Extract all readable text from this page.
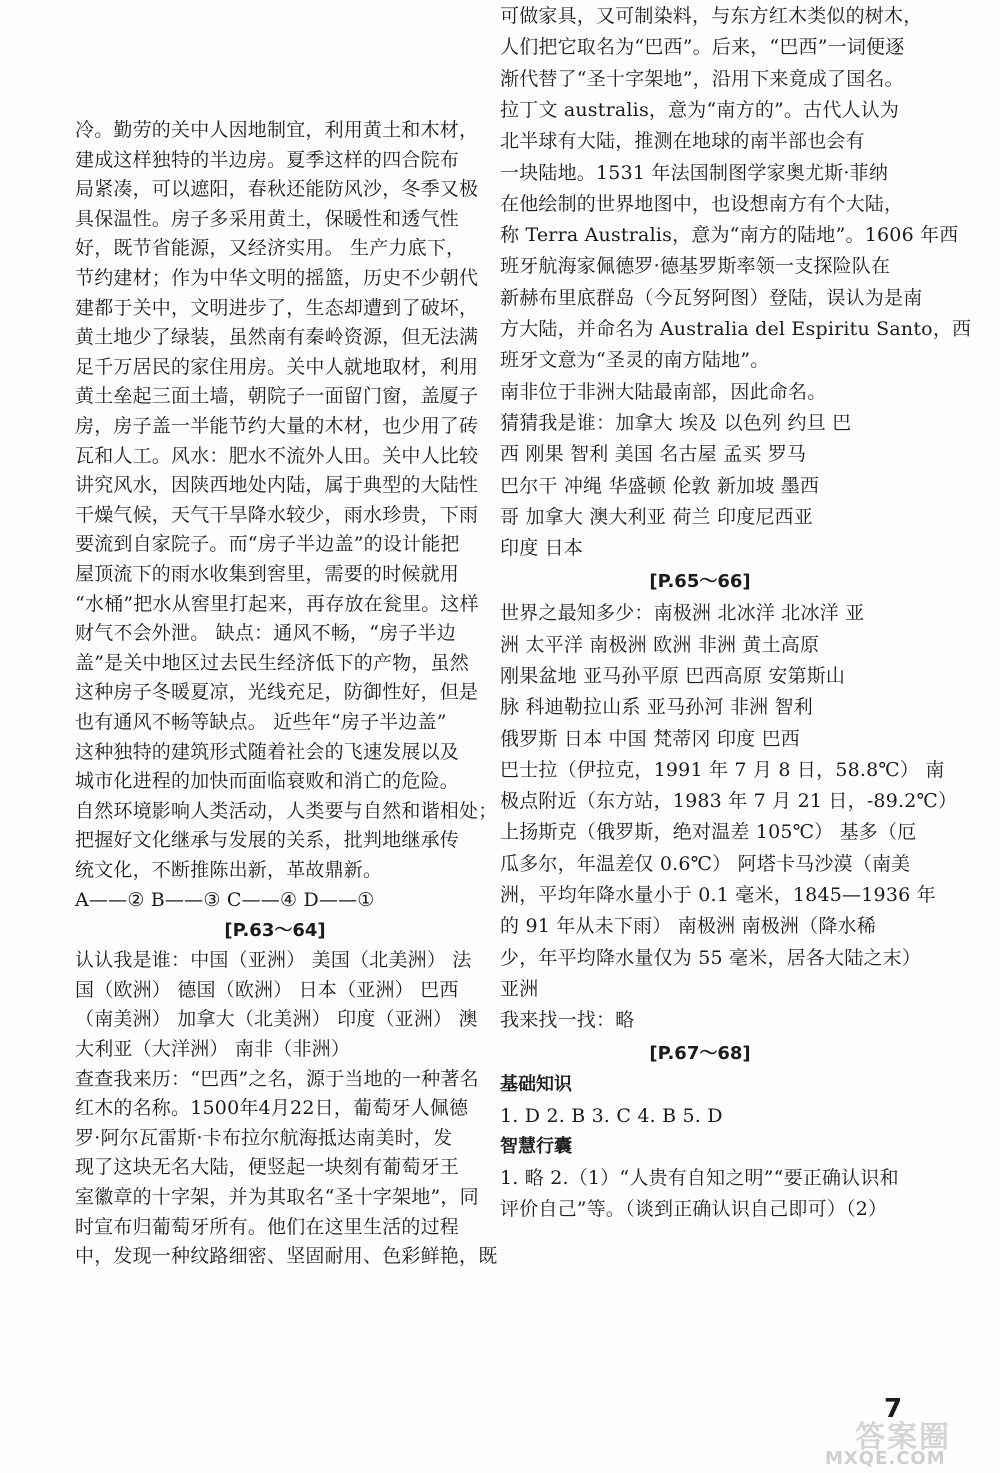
冷。勤劳的关中人因地制宜，利用黄土和木材，
建成这样独特的半边房。夏季这样的四合院布
局紧凑，可以遮阳，春秋还能防风沙，冬季又极
具保温性。房子多采用黄土，保暖性和透气性
好，既节省能源，又经济实用。 生产力底下，
节约建材；作为中华文明的摇篮，历史不少朝代
建都于关中，文明进步了，生态却遭到了破坏，
黄土地少了绿装，虽然南有秦岭资源，但无法满
足千万居民的家住用房。关中人就地取材，利用
黄土垒起三面土墙，朝院子一面留门窗，盖厦子
房，房子盖一半能节约大量的木材，也少用了砖
瓦和人工。风水：肥水不流外人田。关中人比较
讲究风水，因陕西地处内陆，属于典型的大陆性
干燥气候，天气干旱降水较少，雨水珍贵，下雨
要流到自家院子。而“房子半边盖”的设计能把
屋顶流下的雨水收集到窖里，需要的时候就用
“水桶”把水从窖里打起来，再存放在瓮里。这样
财气不会外泄。 缺点：通风不畅，“房子半边
盖”是关中地区过去民生经济低下的产物，虽然
这种房子冬暖夏凉，光线充足，防御性好，但是
也有通风不畅等缺点。 近些年“房子半边盖”
这种独特的建筑形式随着社会的飞速发展以及
城市化进程的加快而面临衰败和消亡的危险。
自然环境影响人类活动，人类要与自然和谐相处；
把握好文化继承与发展的关系，批判地继承传
统文化，不断推陈出新，革故鼎新。
A——② B——③ C——④ D——①
[P.63～64]
认认我是谁：中国（亚洲） 美国（北美洲） 法
国（欧洲） 德国（欧洲） 日本（亚洲） 巴西
（南美洲） 加拿大（北美洲） 印度（亚洲） 澳
大利亚（大洋洲） 南非（非洲）
查查我来历：“巴西”之名，源于当地的一种著名
红木的名称。1500年4月22日，葡萄牙人佩德
罗·阿尔瓦雷斯·卡布拉尔航海抵达南美时，发
现了这块无名大陆，便竖起一块刻有葡萄牙王
室徽章的十字架，并为其取名“圣十字架地”，同
时宣布归葡萄牙所有。他们在这里生活的过程
中，发现一种纹路细密、坚固耐用、色彩鲜艳，既
可做家具，又可制染料，与东方红木类似的树木，
人们把它取名为“巴西”。后来，“巴西”一词便逐
渐代替了“圣十字架地”，沿用下来竟成了国名。
拉丁文 australis，意为“南方的”。古代人认为
北半球有大陆，推测在地球的南半部也会有
一块陆地。1531 年法国制图学家奥尤斯·菲纳
在他绘制的世界地图中，也设想南方有个大陆，
称 Terra Australis，意为“南方的陆地”。1606 年西
班牙航海家佩德罗·德基罗斯率领一支探险队在
新赫布里底群岛（今瓦努阿图）登陆，误认为是南
方大陆，并命名为 Australia del Espiritu Santo，西
班牙文意为“圣灵的南方陆地”。
南非位于非洲大陆最南部，因此命名。
猜猜我是谁：加拿大 埃及 以色列 约旦 巴
西 刚果 智利 美国 名古屋 孟买 罗马
巴尔干 冲绳 华盛顿 伦敦 新加坡 墨西
哥 加拿大 澳大利亚 荷兰 印度尼西亚
印度 日本
[P.65～66]
世界之最知多少：南极洲 北冰洋 北冰洋 亚
洲 太平洋 南极洲 欧洲 非洲 黄土高原
刚果盆地 亚马孙平原 巴西高原 安第斯山
脉 科迪勒拉山系 亚马孙河 非洲 智利
俄罗斯 日本 中国 梵蒂冈 印度 巴西
巴士拉（伊拉克，1991 年 7 月 8 日，58.8℃） 南
极点附近（东方站，1983 年 7 月 21 日，-89.2℃）
上扬斯克（俄罗斯，绝对温差 105℃） 基多（厄
瓜多尔，年温差仅 0.6℃） 阿塔卡马沙漠（南美
洲，平均年降水量小于 0.1 毫米，1845—1936 年
的 91 年从未下雨） 南极洲 南极洲（降水稀
少，年平均降水量仅为 55 毫米，居各大陆之末）
亚洲
我来找一找：略
[P.67～68]
基础知识
1. D 2. B 3. C 4. B 5. D
智慧行囊
1. 略 2.（1）“人贵有自知之明”“要正确认识和
评价自己”等。（谈到正确认识自己即可）（2）
7
答案圈
MXQE.COM
